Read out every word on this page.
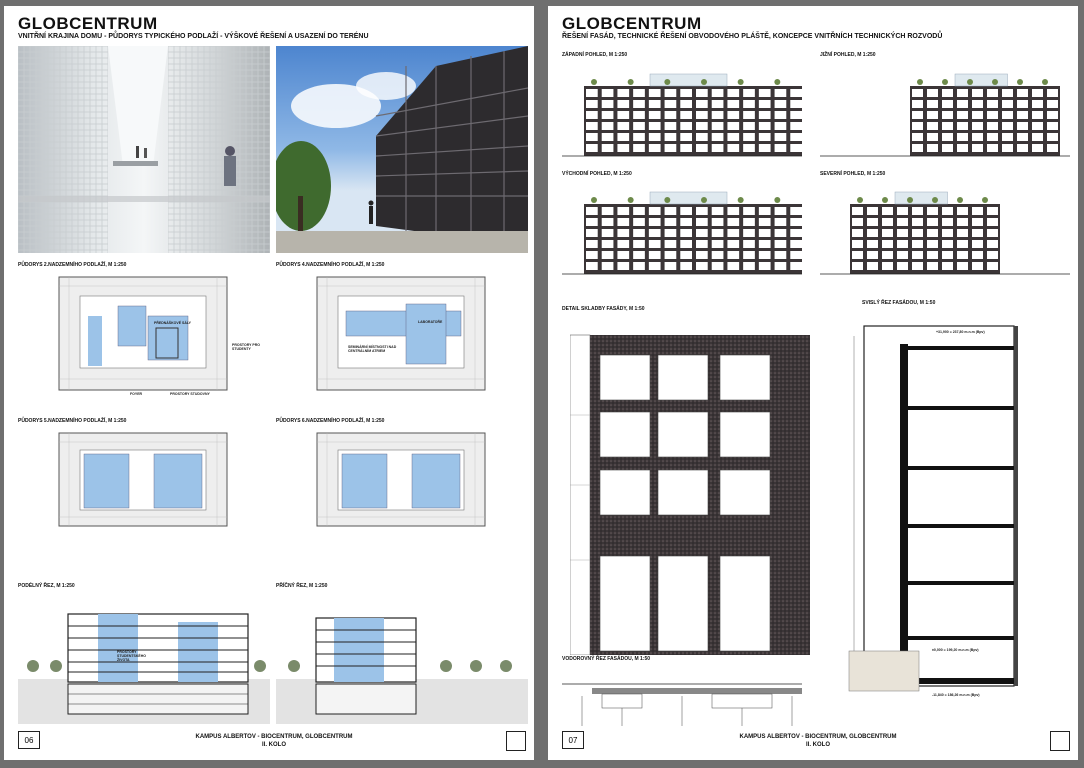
GLOBCENTRUM
VNITŘNÍ KRAJINA DOMU - PŮDORYS TYPICKÉHO PODLAŽÍ - VÝŠKOVÉ ŘEŠENÍ A USAZENÍ DO TERÉNU
PŮDORYS 2.NADZEMNÍHO PODLAŽÍ, M 1:250	PŮDORYS 4.NADZEMNÍHO PODLAŽÍ, M 1:250
PŮDORYS 5.NADZEMNÍHO PODLAŽÍ, M 1:250	PŮDORYS 6.NADZEMNÍHO PODLAŽÍ, M 1:250
PŘEDNÁŠKOVÉ SÁLY
PROSTORY PRO STUDENTY
FOYER	PROSTORY STUDOVNY
SEMINÁRNÍ MÍSTNOSTI NAD CENTRÁLNÍM ATRIEM
LABORATOŘE
PODÉLNÝ ŘEZ, M 1:250	PŘÍČNÝ ŘEZ, M 1:250
PROSTORY STUDENTSKÉHO ŽIVOTA
06	KAMPUS ALBERTOV - BIOCENTRUM, GLOBCENTRUM
II. KOLO
GLOBCENTRUM
ŘEŠENÍ FASÁD, TECHNICKÉ ŘEŠENÍ OBVODOVÉHO PLÁŠTĚ, KONCEPCE VNITŘNÍCH TECHNICKÝCH ROZVODŮ
ZÁPADNÍ POHLED, M 1:250	JIŽNÍ POHLED, M 1:250
VÝCHODNÍ POHLED, M 1:250	SEVERNÍ POHLED, M 1:250
DETAIL SKLADBY FASÁDY, M 1:50
SVISLÝ ŘEZ FASÁDOU, M 1:50
+31,900 = 237,80 m.n.m (Bpv)
±0,000 = 199,20 m.n.m (Bpv)
-11,840 = 186,26 m.n.m (Bpv)
VODOROVNÝ ŘEZ FASÁDOU, M 1:50
07	KAMPUS ALBERTOV - BIOCENTRUM, GLOBCENTRUM
II. KOLO
